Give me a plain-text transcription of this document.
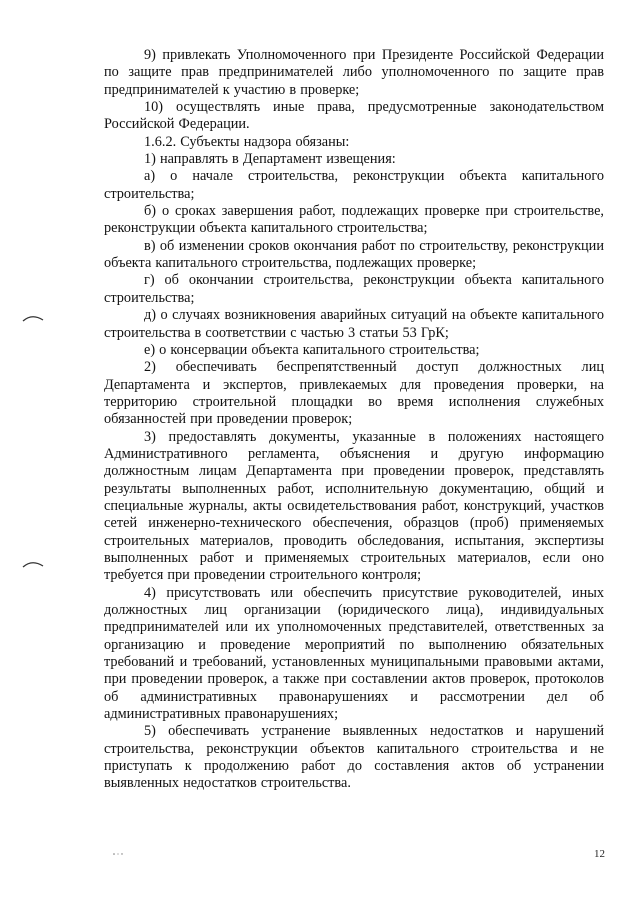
9) привлекать Уполномоченного при Президенте Российской Федерации по защите прав предпринимателей либо уполномоченного по защите прав предпринимателей к участию в проверке;

10) осуществлять иные права, предусмотренные законодательством Российской Федерации.

1.6.2. Субъекты надзора обязаны:

1) направлять в Департамент извещения:

а) о начале строительства, реконструкции объекта капитального строительства;

б) о сроках завершения работ, подлежащих проверке при строительстве, реконструкции объекта капитального строительства;

в) об изменении сроков окончания работ по строительству, реконструкции объекта капитального строительства, подлежащих проверке;

г) об окончании строительства, реконструкции объекта капитального строительства;

д) о случаях возникновения аварийных ситуаций на объекте капитального строительства в соответствии с частью 3 статьи 53 ГрК;

е) о консервации объекта капитального строительства;

2) обеспечивать беспрепятственный доступ должностных лиц Департамента и экспертов, привлекаемых для проведения проверки, на территорию строительной площадки во время исполнения служебных обязанностей при проведении проверок;

3) предоставлять документы, указанные в положениях настоящего Административного регламента, объяснения и другую информацию должностным лицам Департамента при проведении проверок, представлять результаты выполненных работ, исполнительную документацию, общий и специальные журналы, акты освидетельствования работ, конструкций, участков сетей инженерно-технического обеспечения, образцов (проб) применяемых строительных материалов, проводить обследования, испытания, экспертизы выполненных работ и применяемых строительных материалов, если оно требуется при проведении строительного контроля;

4) присутствовать или обеспечить присутствие руководителей, иных должностных лиц организации (юридического лица), индивидуальных предпринимателей или их уполномоченных представителей, ответственных за организацию и проведение мероприятий по выполнению обязательных требований и требований, установленных муниципальными правовыми актами, при проведении проверок, а также при составлении актов проверок, протоколов об административных правонарушениях и рассмотрении дел об административных правонарушениях;

5) обеспечивать устранение выявленных недостатков и нарушений строительства, реконструкции объектов капитального строительства и не приступать к продолжению работ до составления актов об устранении выявленных недостатков строительства.

12
